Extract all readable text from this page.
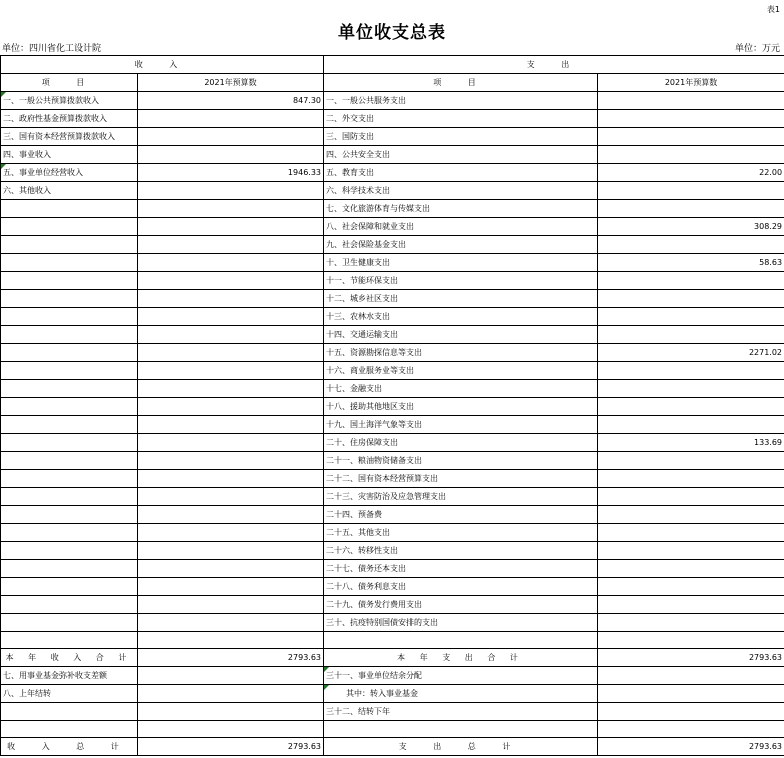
表1
单位收支总表
单位：四川省化工设计院	单位：万元
收 入		支 出	
项 目	2021年预算数	项 目	2021年预算数
一、一般公共预算拨款收入	847.30	一、一般公共服务支出	
二、政府性基金预算拨款收入		二、外交支出	
三、国有资本经营预算拨款收入		三、国防支出	
四、事业收入		四、公共安全支出	
五、事业单位经营收入	1946.33	五、教育支出	22.00
六、其他收入		六、科学技术支出	
		七、文化旅游体育与传媒支出	
		八、社会保障和就业支出	308.29
		九、社会保险基金支出	
		十、卫生健康支出	58.63
		十一、节能环保支出	
		十二、城乡社区支出	
		十三、农林水支出	
		十四、交通运输支出	
		十五、资源勘探信息等支出	2271.02
		十六、商业服务业等支出	
		十七、金融支出	
		十八、援助其他地区支出	
		十九、国土海洋气象等支出	
		二十、住房保障支出	133.69
		二十一、粮油物资储备支出	
		二十二、国有资本经营预算支出	
		二十三、灾害防治及应急管理支出	
		二十四、预备费	
		二十五、其他支出	
		二十六、转移性支出	
		二十七、债务还本支出	
		二十八、债务利息支出	
		二十九、债务发行费用支出	
		三十、抗疫特别国债安排的支出	

本 年 收 入 合 计	2793.63	本 年 支 出 合 计	2793.63
七、用事业基金弥补收支差额		三十一、事业单位结余分配	
八、上年结转		其中：转入事业基金	
		三十二、结转下年	

收 入 总 计	2793.63	支 出 总 计	2793.63
